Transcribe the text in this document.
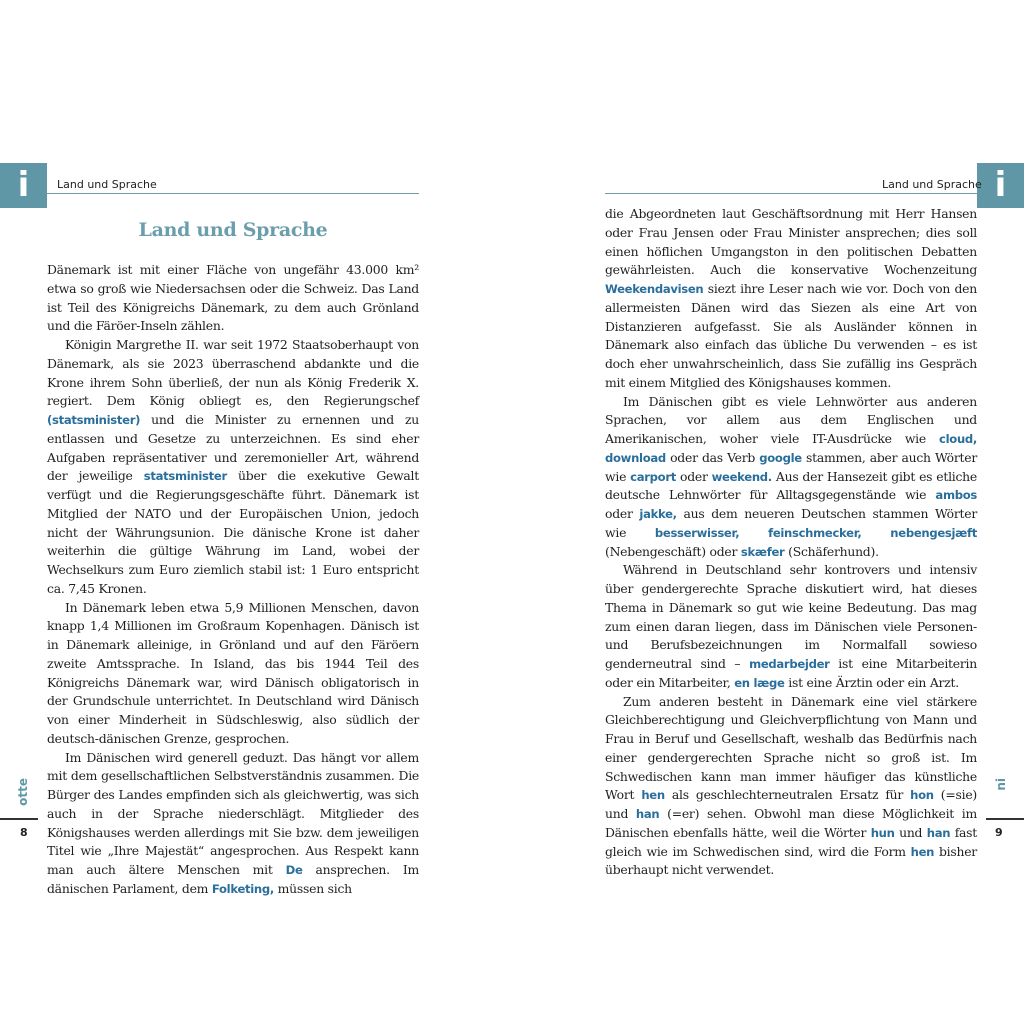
i	Land und Sprache
Land und Sprache

Dänemark ist mit einer Fläche von ungefähr 43.000 km² etwa so groß wie Niedersachsen oder die Schweiz. Das Land ist Teil des Königreichs Dänemark, zu dem auch Grönland und die Färöer-Inseln zählen.

Königin Margrethe II. war seit 1972 Staatsoberhaupt von Dänemark, als sie 2023 überraschend abdankte und die Krone ihrem Sohn überließ, der nun als König Frederik X. regiert. Dem König obliegt es, den Regierungschef (statsminister) und die Minister zu ernennen und zu entlassen und Gesetze zu unterzeichnen. Es sind eher Aufgaben repräsentativer und zeremonieller Art, während der jeweilige statsminister über die exekutive Gewalt verfügt und die Regierungsgeschäfte führt. Dänemark ist Mitglied der NATO und der Europäischen Union, jedoch nicht der Währungsunion. Die dänische Krone ist daher weiterhin die gültige Währung im Land, wobei der Wechselkurs zum Euro ziemlich stabil ist: 1 Euro entspricht ca. 7,45 Kronen.

In Dänemark leben etwa 5,9 Millionen Menschen, davon knapp 1,4 Millionen im Großraum Kopenhagen. Dänisch ist in Dänemark alleinige, in Grönland und auf den Färöern zweite Amtssprache. In Island, das bis 1944 Teil des Königreichs Dänemark war, wird Dänisch obligatorisch in der Grundschule unterrichtet. In Deutschland wird Dänisch von einer Minderheit in Südschleswig, also südlich der deutsch-dänischen Grenze, gesprochen.

Im Dänischen wird generell geduzt. Das hängt vor allem mit dem gesellschaftlichen Selbstverständnis zusammen. Die Bürger des Landes empfinden sich als gleichwertig, was sich auch in der Sprache niederschlägt. Mitglieder des Königshauses werden allerdings mit Sie bzw. dem jeweiligen Titel wie „Ihre Majestät“ angesprochen. Aus Respekt kann man auch ältere Menschen mit De ansprechen. Im dänischen Parlament, dem Folketing, müssen sich

otte
8
i
Land und Sprache

die Abgeordneten laut Geschäftsordnung mit Herr Hansen oder Frau Jensen oder Frau Minister ansprechen; dies soll einen höflichen Umgangston in den politischen Debatten gewährleisten. Auch die konservative Wochenzeitung Weekendavisen siezt ihre Leser nach wie vor. Doch von den allermeisten Dänen wird das Siezen als eine Art von Distanzieren aufgefasst. Sie als Ausländer können in Dänemark also einfach das übliche Du verwenden – es ist doch eher unwahrscheinlich, dass Sie zufällig ins Gespräch mit einem Mitglied des Königshauses kommen.

Im Dänischen gibt es viele Lehnwörter aus anderen Sprachen, vor allem aus dem Englischen und Amerikanischen, woher viele IT-Ausdrücke wie cloud, download oder das Verb google stammen, aber auch Wörter wie carport oder weekend. Aus der Hansezeit gibt es etliche deutsche Lehnwörter für Alltagsgegenstände wie ambos oder jakke, aus dem neueren Deutschen stammen Wörter wie besserwisser, feinschmecker, nebengesjæft (Nebengeschäft) oder skæfer (Schäferhund).

Während in Deutschland sehr kontrovers und intensiv über gendergerechte Sprache diskutiert wird, hat dieses Thema in Dänemark so gut wie keine Bedeutung. Das mag zum einen daran liegen, dass im Dänischen viele Personen- und Berufsbezeichnungen im Normalfall sowieso genderneutral sind – medarbejder ist eine Mitarbeiterin oder ein Mitarbeiter, en læge ist eine Ärztin oder ein Arzt.

Zum anderen besteht in Dänemark eine viel stärkere Gleichberechtigung und Gleichverpflichtung von Mann und Frau in Beruf und Gesellschaft, weshalb das Bedürfnis nach einer gendergerechten Sprache nicht so groß ist. Im Schwedischen kann man immer häufiger das künstliche Wort hen als geschlechterneutralen Ersatz für hon (=sie) und han (=er) sehen. Obwohl man diese Möglichkeit im Dänischen ebenfalls hätte, weil die Wörter hun und han fast gleich wie im Schwedischen sind, wird die Form hen bisher überhaupt nicht verwendet.

ni
9
